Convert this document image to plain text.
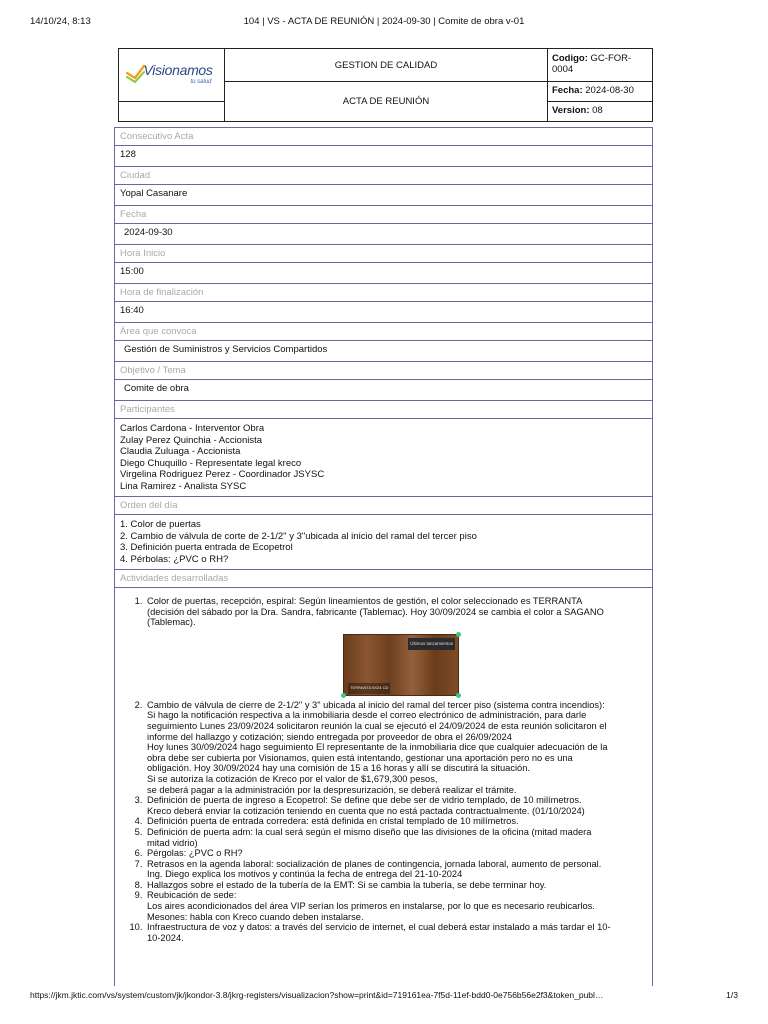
14/10/24, 8:13	104 | VS - ACTA DE REUNIÓN | 2024-09-30 | Comite de obra v-01
Visionamos
tu salud	GESTION DE CALIDAD	Codigo: GC-FOR-0004
	ACTA DE REUNIÓN	Fecha: 2024-08-30
		Version: 08
Consecutivo Acta
128
Ciudad
Yopal Casanare
Fecha
2024-09-30
Hora Inicio
15:00
Hora de finalización
16:40
Área que convoca
Gestión de Suministros y Servicios Compartidos
Objetivo / Tema
Comite de obra
Participantes
Carlos Cardona - Interventor Obra
Zulay Perez Quinchia - Accionista
Claudia Zuluaga - Accionista
Diego Chuquillo - Representate legal kreco
Virgelina Rodriguez Perez - Coordinador JSYSC
Lina Ramirez - Analista SYSC
Orden del día
1. Color de puertas
2. Cambio de válvula de corte de 2-1/2" y 3"ubicada al inicio del ramal del tercer piso
3. Definición puerta entrada de Ecopetrol
4. Pérbolas: ¿PVC o RH?
Actividades desarrolladas
1. Color de puertas, recepción, espiral: Según lineamientos de gestión, el color seleccionado es TERRANTA
(decisión del sábado por la Dra. Sandra, fabricante (Tablemac). Hoy 30/09/2024 se cambia el color a SAGANO
(Tablemac).
Últimos lanzamientos
TERRANTA 5X24 CD
2. Cambio de válvula de cierre de 2-1/2" y 3" ubicada al inicio del ramal del tercer piso (sistema contra incendios):
Si hago la notificación respectiva a la inmobiliaria desde el correo electrónico de administración, para darle
seguimiento Lunes 23/09/2024 solicitaron reunión la cual se ejecutó el 24/09/2024 de esta reunión solicitaron el
informe del hallazgo y cotización; siendo entregada por proveedor de obra el 26/09/2024
Hoy lunes 30/09/2024 hago seguimiento El representante de la inmobiliaria dice que cualquier adecuación de la
obra debe ser cubierta por Visionamos, quien está intentando, gestionar una aportación pero no es una
obligación. Hoy 30/09/2024 hay una comisión de 15 a 16 horas y allí se discutirá la situación.
Si se autoriza la cotización de Kreco por el valor de $1,679,300 pesos,
se deberá pagar a la administración por la despresurización, se deberá realizar el trámite.
3. Definición de puerta de ingreso a Ecopetrol: Se define que debe ser de vidrio templado, de 10 milímetros.
Kreco deberá enviar la cotización teniendo en cuenta que no está pactada contractualmente. (01/10/2024)
4. Definición puerta de entrada corredera: está definida en cristal templado de 10 milímetros.
5. Definición de puerta adm: la cual será según el mismo diseño que las divisiones de la oficina (mitad madera
mitad vidrio)
6. Pérgolas: ¿PVC o RH?
7. Retrasos en la agenda laboral: socialización de planes de contingencia, jornada laboral, aumento de personal.
Ing. Diego explica los motivos y continúa la fecha de entrega del 21-10-2024
8. Hallazgos sobre el estado de la tubería de la EMT: Si se cambia la tubería, se debe terminar hoy.
9. Reubicación de sede:
Los aires acondicionados del área VIP serían los primeros en instalarse, por lo que es necesario reubicarlos.
Mesones: habla con Kreco cuando deben instalarse.
10. Infraestructura de voz y datos: a través del servicio de internet, el cual deberá estar instalado a más tardar el 10-
10-2024.
https://jkm.jktic.com/vs/system/custom/jk/jkondor-3.8/jkrg-registers/visualizacion?show=print&id=719161ea-7f5d-11ef-bdd0-0e756b56e2f3&token_publ…	1/3
